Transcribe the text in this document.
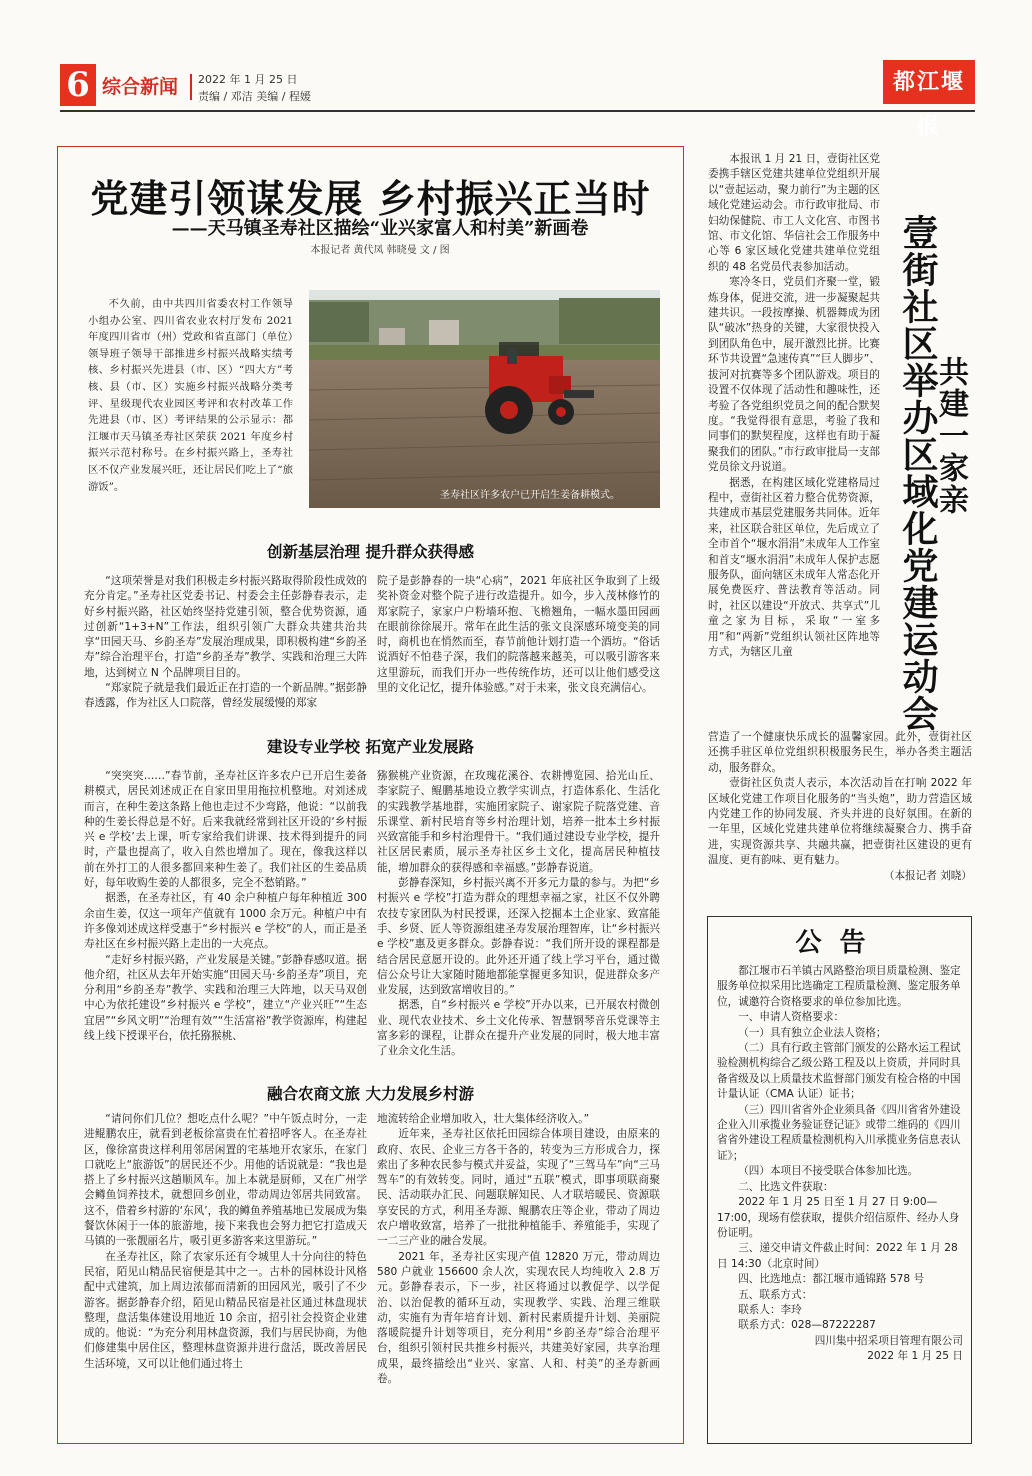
6 综合新闻 2022 年 1 月 25 日
责编 / 邓洁 美编 / 程媛
都江堰报
党建引领谋发展 乡村振兴正当时
——天马镇圣寿社区描绘“业兴家富人和村美”新画卷
本报记者 黄代凤 韩晓曼 文 / 图
不久前，由中共四川省委农村工作领导小组办公室、四川省农业农村厅发布 2021 年度四川省市（州）党政和省直部门（单位）领导班子领导干部推进乡村振兴战略实绩考核、乡村振兴先进县（市、区）“四大方”考核、县（市、区）实施乡村振兴战略分类考评、星级现代农业园区考评和农村改革工作先进县（市、区）考评结果的公示显示：都江堰市天马镇圣寿社区荣获 2021 年度乡村振兴示范村称号。在乡村振兴路上，圣寿社区不仅产业发展兴旺，还让居民们吃上了“旅游饭”。
圣寿社区许多农户已开启生姜备耕模式。
创新基层治理 提升群众获得感

“这项荣誉是对我们积极走乡村振兴路取得阶段性成效的充分肯定。”圣寿社区党委书记、村委会主任彭静春表示，走好乡村振兴路，社区始终坚持党建引领，整合优势资源，通过创新“1+3+N”工作法，组织引领广大群众共建共治共享“田园天马、乡韵圣寿”发展治理成果，即积极构建“乡韵圣寿”综合治理平台，打造“乡韵圣寿”教学、实践和治理三大阵地，达到树立 N 个品牌项目目的。

“郑家院子就是我们最近正在打造的一个新品牌。”据彭静春透露，作为社区人口院落，曾经发展缓慢的郑家

院子是彭静春的一块“心病”，2021 年底社区争取到了上级奖补资金对整个院子进行改造提升。如今，步入茂林修竹的郑家院子，家家户户粉墙环抱、飞檐翘角，一幅水墨田园画在眼前徐徐展开。常年在此生活的张文良深感环境变美的同时，商机也在悄然而至，春节前他计划打造一个酒坊。“俗话说酒好不怕巷子深，我们的院落越来越美，可以吸引游客来这里游玩，而我们开办一些传统作坊，还可以让他们感受这里的文化记忆，提升体验感。”对于未来，张文良充满信心。

建设专业学校 拓宽产业发展路

“突突突……”春节前，圣寿社区许多农户已开启生姜备耕模式，居民刘述成正在自家田里用拖拉机整地。对刘述成而言，在种生姜这条路上他也走过不少弯路，他说：“以前我种的生姜长得总是不好。后来我就经常到社区开设的‘乡村振兴 e 学校’去上课，听专家给我们讲课、技术得到提升的同时，产量也提高了，收入自然也增加了。现在，像我这样以前在外打工的人很多都回来种生姜了。我们社区的生姜品质好，每年收购生姜的人都很多，完全不愁销路。”

据悉，在圣寿社区，有 40 余户种植户每年种植近 300 余亩生姜，仅这一项年产值就有 1000 余万元。种植户中有许多像刘述成这样受惠于“乡村振兴 e 学校”的人，而正是圣寿社区在乡村振兴路上走出的一大亮点。

“走好乡村振兴路，产业发展是关键。”彭静春感叹道。据他介绍，社区从去年开始实施“田园天马·乡韵圣寿”项目，充分利用“乡韵圣寿”教学、实践和治理三大阵地，以天马双创中心为依托建设“乡村振兴 e 学校”，建立“产业兴旺”“生态宜居”“乡风文明”“治理有效”“生活富裕”教学资源库，构建起线上线下授课平台，依托猕猴桃、

猕猴桃产业资源，在玫瑰花溪谷、农耕博览园、拾光山丘、李家院子、鲲鹏基地设立教学实训点，打造体系化、生活化的实践教学基地群，实施团家院子、谢家院子院落党建、音乐课堂、新村民培育等乡村治理计划，培养一批本土乡村振兴致富能手和乡村治理骨干。“我们通过建设专业学校，提升社区居民素质，展示圣寿社区乡土文化，提高居民种植技能，增加群众的获得感和幸福感。”彭静春说道。

彭静春深知，乡村振兴离不开多元力量的参与。为把“乡村振兴 e 学校”打造为群众的理想幸福之家，社区不仅外聘农技专家团队为村民授课，还深入挖掘本土企业家、致富能手、乡贤、匠人等资源组建圣寿发展治理智库，让“乡村振兴 e 学校”惠及更多群众。彭静春说：“我们所开设的课程都是结合居民意愿开设的。此外还开通了线上学习平台，通过微信公众号让大家随时随地都能掌握更多知识，促进群众多产业发展，达到致富增收目的。”

据悉，自“乡村振兴 e 学校”开办以来，已开展农村微创业、现代农业技术、乡土文化传承、智慧钢琴音乐党课等主富多彩的课程，让群众在提升产业发展的同时，极大地丰富了业余文化生活。

融合农商文旅 大力发展乡村游

“请问你们几位？想吃点什么呢？”中午饭点时分，一走进鲲鹏农庄，就看到老板徐富贵在忙着招呼客人。在圣寿社区，像徐富贵这样利用邻居闲置的宅基地开农家乐，在家门口就吃上“旅游饭”的居民还不少。用他的话说就是：“我也是搭上了乡村振兴这趟顺风车。加上本就是厨师，又在广州学会鳟鱼饲养技术，就想回乡创业，带动周边邻居共同致富。这不，借着乡村游的‘东风’，我的鳟鱼养殖基地已发展成为集餐饮休闲于一体的旅游地，接下来我也会努力把它打造成天马镇的一张靓丽名片，吸引更多游客来这里游玩。”

在圣寿社区，除了农家乐还有令城里人十分向往的特色民宿，陌见山精品民宿便是其中之一。古朴的园林设计风格配中式建筑，加上周边浓郁而清新的田园风光，吸引了不少游客。据彭静春介绍，陌见山精品民宿是社区通过林盘现状整理，盘活集体建设用地近 10 余亩，招引社会投资企业建成的。他说：“为充分利用林盘资源，我们与居民协商，为他们修建集中居住区，整理林盘资源并进行盘活，既改善居民生活环境，又可以让他们通过将土

地流转给企业增加收入，壮大集体经济收入。”

近年来，圣寿社区依托田园综合体项目建设，由原来的政府、农民、企业三方各干各的，转变为三方形成合力，探索出了多种农民参与模式并妥益，实现了“三驾马车”向“三马驾车”的有效转变。同时，通过“五联”模式，即事项联商聚民、活动联办汇民、问题联解知民、人才联培暖民、资源联享安民的方式，利用圣寿源、鲲鹏农庄等企业，带动了周边农户增收致富，培养了一批批种植能手、养殖能手，实现了一二三产业的融合发展。

2021 年，圣寿社区实现产值 12820 万元，带动周边 580 户就业 156600 余人次，实现农民人均纯收入 2.8 万元。彭静春表示，下一步，社区将通过以教促学、以学促治、以治促教的循环互动，实现教学、实践、治理三维联动，实施有为青年培育计划、新村民素质提升计划、美丽院落暖院提升计划等项目，充分利用“乡韵圣寿”综合治理平台，组织引领村民共推乡村振兴，共建美好家园，共享治理成果，最终描绘出“业兴、家富、人和、村美”的圣寿新画卷。

本报讯 1 月 21 日，壹街社区党委携手辖区党建共建单位党组织开展以“壹起运动，聚力前行”为主题的区域化党建运动会。市行政审批局、市妇幼保健院、市工人文化宫、市图书馆、市文化馆、华信社会工作服务中心等 6 家区域化党建共建单位党组织的 48 名党员代表参加活动。

寒冷冬日，党员们齐聚一堂，锻炼身体，促进交流，进一步凝聚起共建共识。一段按摩操、机器舞成为团队“破冰”热身的关键，大家很快投入到团队角色中，展开激烈比拼。比赛环节共设置“急速传真”“巨人脚步”、拔河对抗赛等多个团队游戏。项目的设置不仅体现了活动性和趣味性，还考验了各党组织党员之间的配合默契度。“我觉得很有意思，考验了我和同事们的默契程度，这样也有助于凝聚我们的团队。”市行政审批局一支部党员徐文丹说道。

据悉，在构建区域化党建格局过程中，壹街社区着力整合优势资源，共建成市基层党建服务共同体。近年来，社区联合驻区单位，先后成立了全市首个“堰水涓涓”未成年人工作室和首支“堰水涓涓”未成年人保护志愿服务队，面向辖区未成年人常态化开展免费医疗、普法教育等活动。同时，社区以建设“开放式、共享式”儿童之家为目标，采取“一室多用”和“两新”党组织认领社区阵地等方式，为辖区儿童	壹街社区举办区域化党建运动会
共建一家亲

营造了一个健康快乐成长的温馨家园。此外，壹街社区还携手驻区单位党组织积极服务民生，举办各类主题活动，服务群众。

壹街社区负责人表示，本次活动旨在打响 2022 年区域化党建工作项目化服务的“当头炮”，助力营造区域内党建工作的协同发展、齐头并进的良好氛围。在新的一年里，区域化党建共建单位将继续凝聚合力、携手奋进，实现资源共享、共融共赢，把壹街社区建设的更有温度、更有韵味、更有魅力。

（本报记者 刘晓）
公告
都江堰市石羊镇古风路整治项目质量检测、鉴定服务单位拟采用比选确定工程质量检测、鉴定服务单位，诚邀符合资格要求的单位参加比选。
一、申请人资格要求：
（一）具有独立企业法人资格；
（二）具有行政主管部门颁发的公路水运工程试验检测机构综合乙级公路工程及以上资质，并同时具备省级及以上质量技术监督部门颁发有检合格的中国计量认证（CMA 认证）证书；
（三）四川省省外企业须具备《四川省省外建设企业入川承揽业务验证登记证》或带二维码的《四川省省外建设工程质量检测机构入川承揽业务信息表认证》；
（四）本项目不接受联合体参加比选。
二、比选文件获取：
2022 年 1 月 25 日至 1 月 27 日 9:00—17:00，现场有偿获取，提供介绍信原件、经办人身份证明。
三、递交申请文件截止时间：2022 年 1 月 28 日 14:30（北京时间）
四、比选地点：都江堰市通锦路 578 号
五、联系方式：
联系人：李玲
联系方式：028—87222287
四川集中招采项目管理有限公司
2022 年 1 月 25 日
